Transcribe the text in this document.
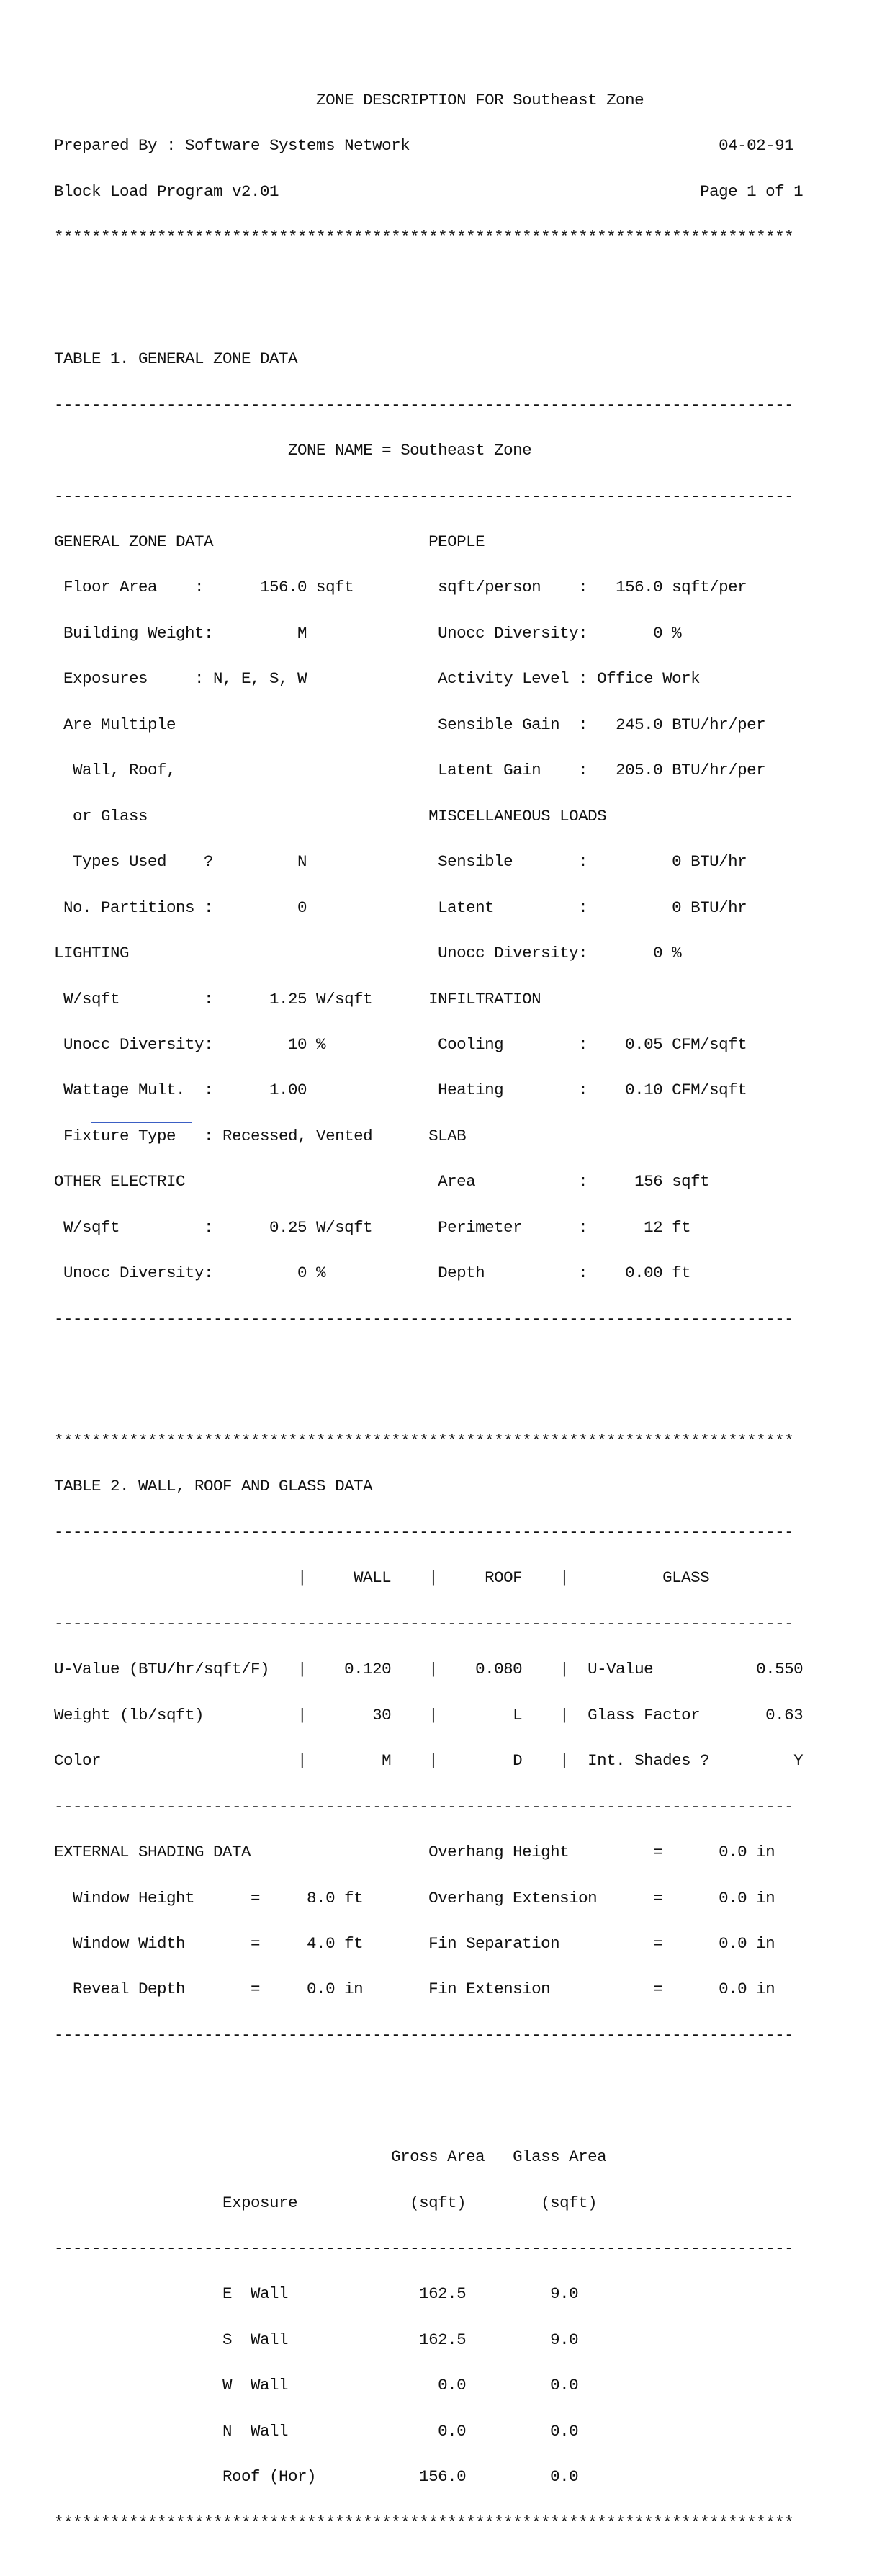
ZONE DESCRIPTION FOR Southeast Zone

Prepared By : Software Systems Network                                 04-02-91

Block Load Program v2.01                                             Page 1 of 1

*******************************************************************************

TABLE 1. GENERAL ZONE DATA

-------------------------------------------------------------------------------

ZONE NAME = Southeast Zone

-------------------------------------------------------------------------------

GENERAL ZONE DATA                       PEOPLE

Floor Area    :      156.0 sqft         sqft/person    :   156.0 sqft/per

Building Weight:         M              Unocc Diversity:       0 %

Exposures     : N, E, S, W              Activity Level : Office Work

Are Multiple                            Sensible Gain  :   245.0 BTU/hr/per

Wall, Roof,                            Latent Gain    :   205.0 BTU/hr/per

or Glass                              MISCELLANEOUS LOADS

Types Used    ?         N              Sensible       :         0 BTU/hr

No. Partitions :         0              Latent         :         0 BTU/hr

LIGHTING                                 Unocc Diversity:       0 %

W/sqft         :      1.25 W/sqft      INFILTRATION

Unocc Diversity:        10 %            Cooling        :    0.05 CFM/sqft

Wattage Mult.  :      1.00              Heating        :    0.10 CFM/sqft

Fixture Type   : Recessed, Vented      SLAB

OTHER ELECTRIC                           Area           :     156 sqft

W/sqft         :      0.25 W/sqft       Perimeter      :      12 ft

Unocc Diversity:         0 %            Depth          :    0.00 ft

-------------------------------------------------------------------------------

*******************************************************************************

TABLE 2. WALL, ROOF AND GLASS DATA

-------------------------------------------------------------------------------

|     WALL    |     ROOF    |          GLASS

-------------------------------------------------------------------------------

U-Value (BTU/hr/sqft/F)   |    0.120    |    0.080    |  U-Value           0.550

Weight (lb/sqft)          |       30    |        L    |  Glass Factor       0.63

Color                     |        M    |        D    |  Int. Shades ?         Y

-------------------------------------------------------------------------------

EXTERNAL SHADING DATA                   Overhang Height         =      0.0 in

Window Height      =     8.0 ft       Overhang Extension      =      0.0 in

Window Width       =     4.0 ft       Fin Separation          =      0.0 in

Reveal Depth       =     0.0 in       Fin Extension           =      0.0 in

-------------------------------------------------------------------------------

Gross Area   Glass Area

Exposure            (sqft)        (sqft)

-------------------------------------------------------------------------------

E  Wall              162.5         9.0

S  Wall              162.5         9.0

W  Wall                0.0         0.0

N  Wall                0.0         0.0

Roof (Hor)           156.0         0.0

*******************************************************************************
